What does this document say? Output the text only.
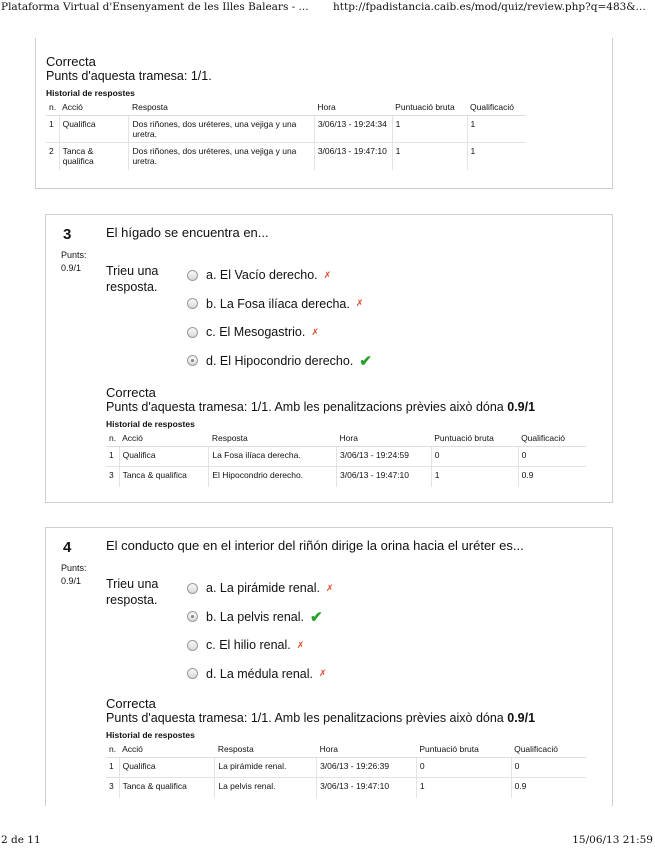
Plataforma Virtual d'Ensenyament de les Illes Balears - ... http://fpadistancia.caib.es/mod/quiz/review.php?q=483&...
Correcta
Punts d'aquesta tramesa: 1/1.
Historial de respostes
n.	Acció	Resposta	Hora	Puntuació bruta	Qualificació
1	Qualifica	Dos riñones, dos uréteres, una vejiga y una uretra.	3/06/13 - 19:24:34	1	1
2	Tanca & qualifica	Dos riñones, dos uréteres, una vejiga y una uretra.	3/06/13 - 19:47:10	1	1
3
Punts:
0.9/1
El hígado se encuentra en...
Trieu una resposta.
a. El Vacío derecho. ✗
b. La Fosa ilíaca derecha. ✗
c. El Mesogastrio. ✗
d. El Hipocondrio derecho. ✔
Correcta
Punts d'aquesta tramesa: 1/1. Amb les penalitzacions prèvies això dóna 0.9/1
Historial de respostes
n.	Acció	Resposta	Hora	Puntuació bruta	Qualificació
1	Qualifica	La Fosa ilíaca derecha.	3/06/13 - 19:24:59	0	0
3	Tanca & qualifica	El Hipocondrio derecho.	3/06/13 - 19:47:10	1	0.9
4
Punts:
0.9/1
El conducto que en el interior del riñón dirige la orina hacia el uréter es...
Trieu una resposta.
a. La pirámide renal. ✗
b. La pelvis renal. ✔
c. El hilio renal. ✗
d. La médula renal. ✗
Correcta
Punts d'aquesta tramesa: 1/1. Amb les penalitzacions prèvies això dóna 0.9/1
Historial de respostes
n.	Acció	Resposta	Hora	Puntuació bruta	Qualificació
1	Qualifica	La pirámide renal.	3/06/13 - 19:26:39	0	0
3	Tanca & qualifica	La pelvis renal.	3/06/13 - 19:47:10	1	0.9
2 de 11	15/06/13 21:59
